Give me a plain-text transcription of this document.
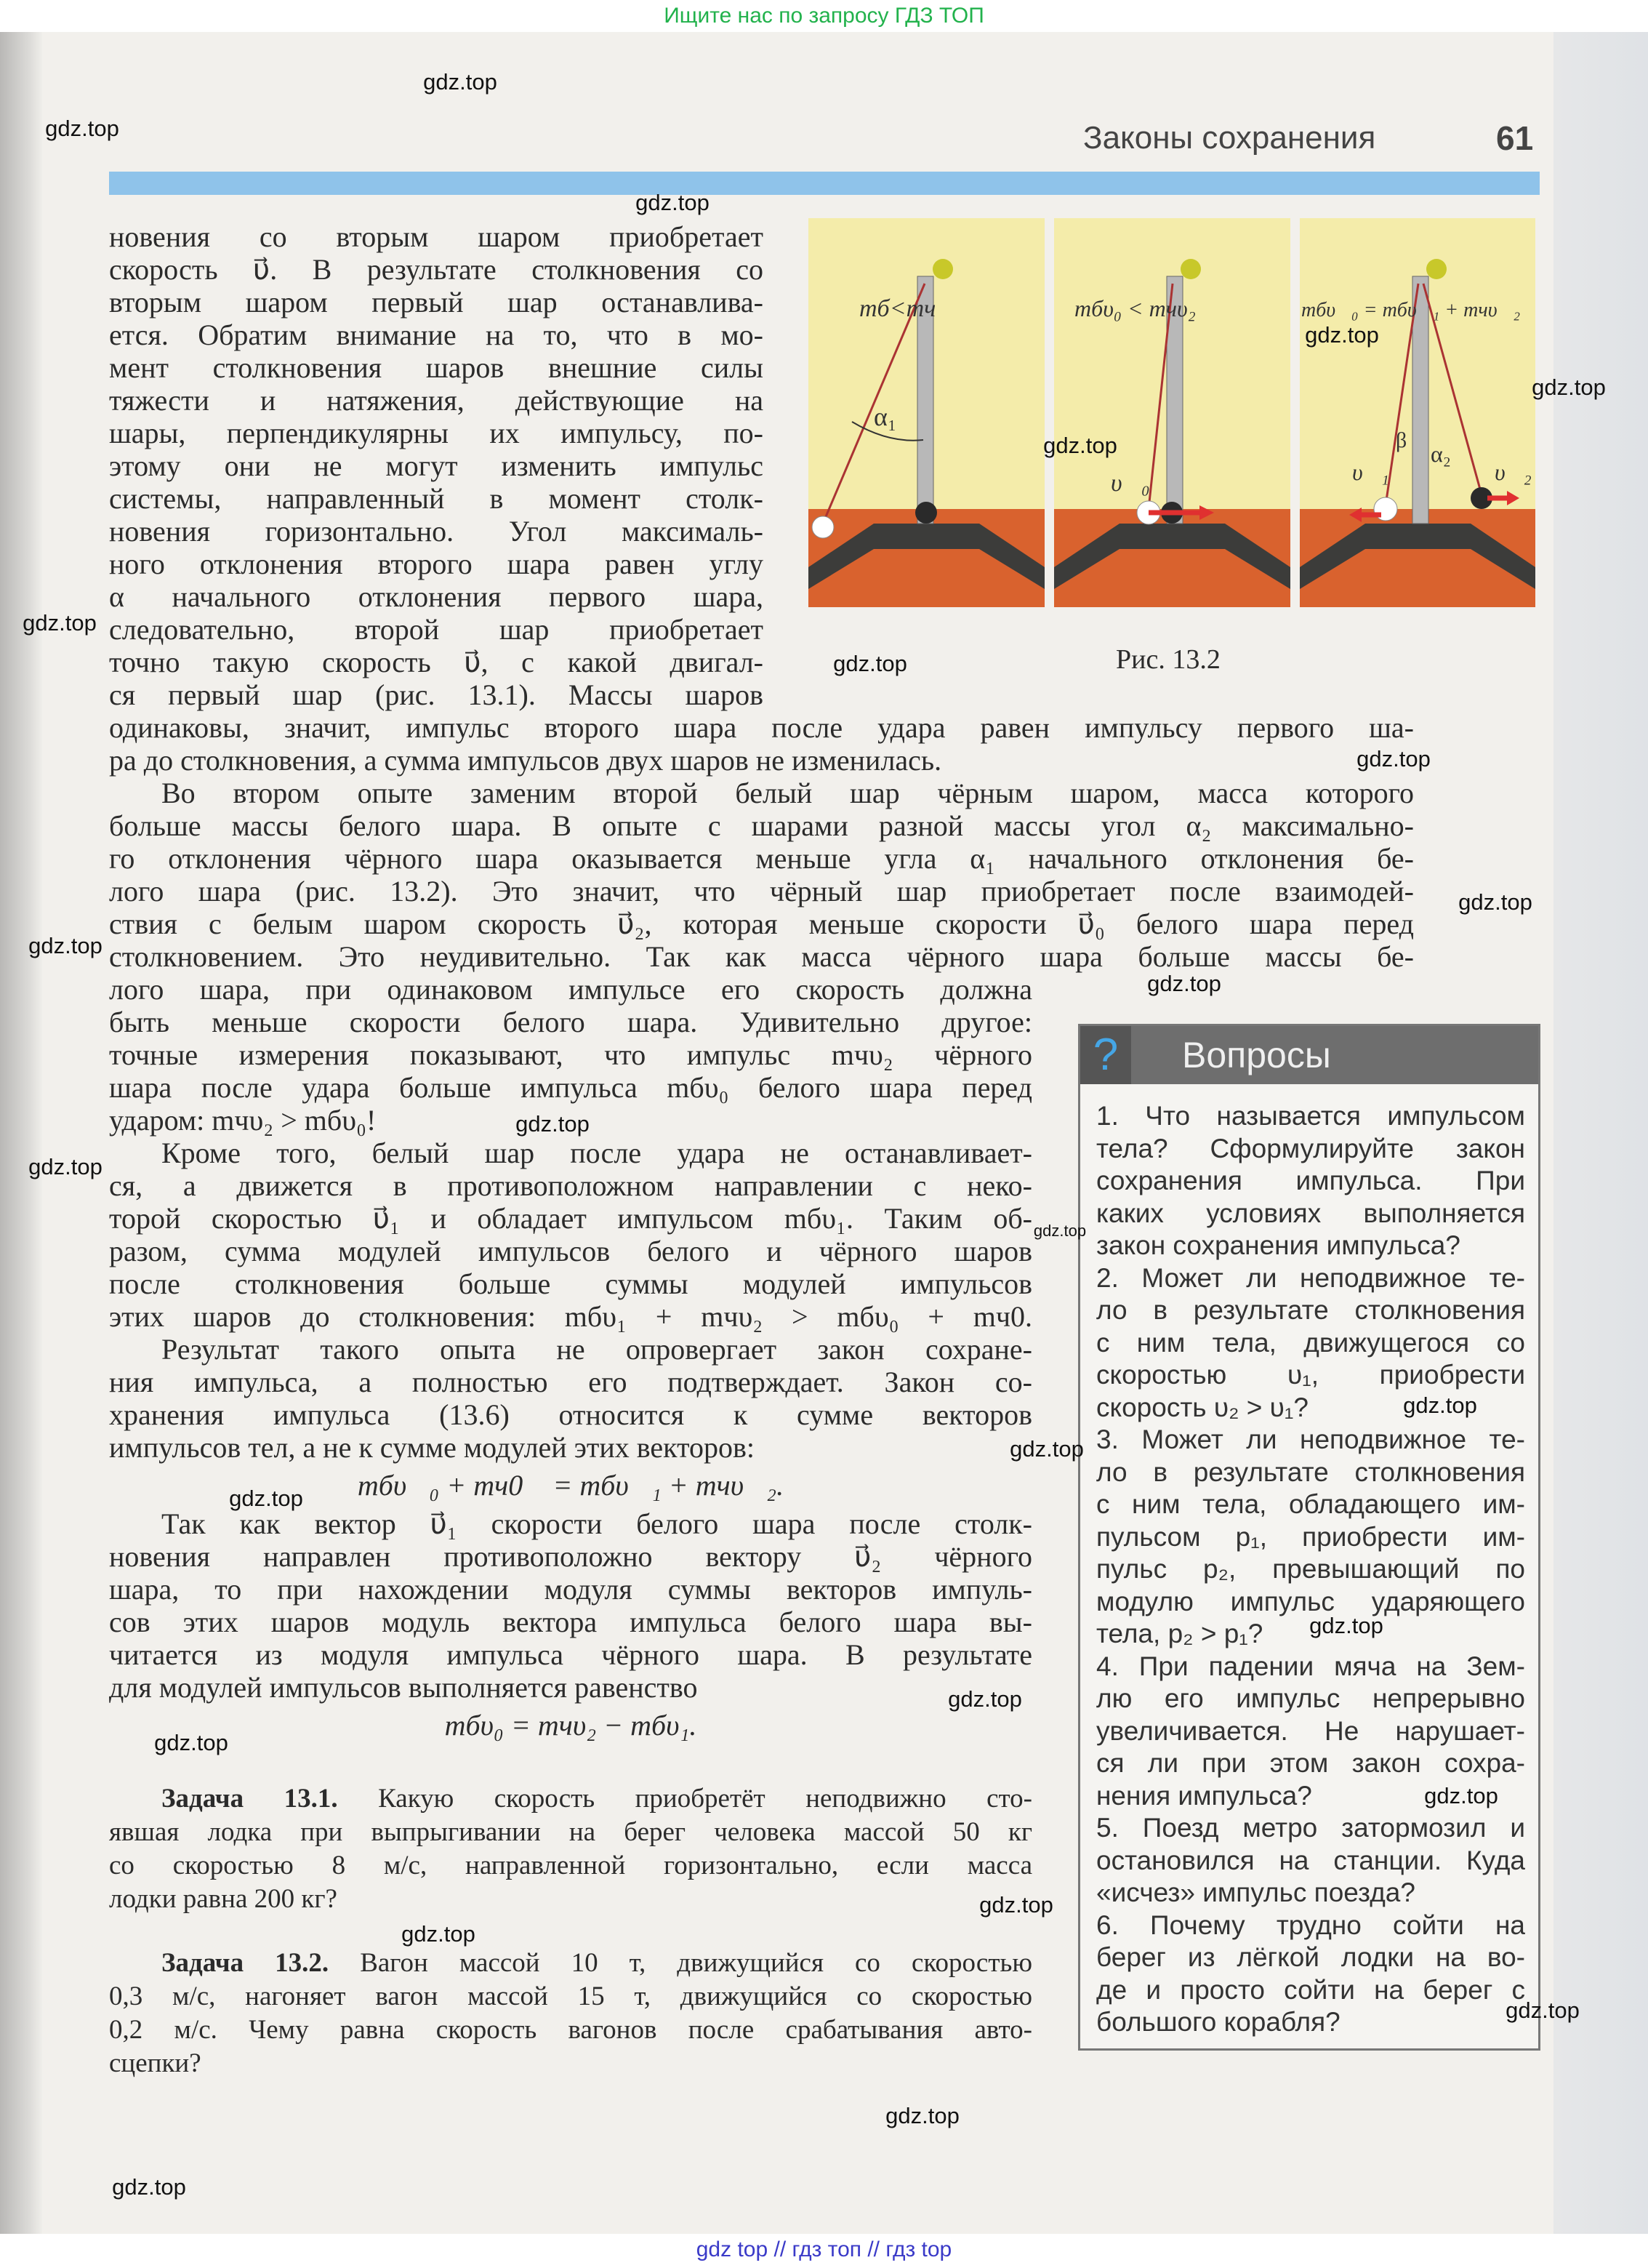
Ищите нас по запросу ГДЗ ТОП
Законы сохранения	61
новения со вторым шаром приобретает
скорость υ⃗. В результате столкновения со
вторым шаром первый шар останавлива-
ется. Обратим внимание на то, что в мо-
мент столкновения шаров внешние силы
тяжести и натяжения, действующие на
шары, перпендикулярны их импульсу, по-
этому они не могут изменить импульс
системы, направленный в момент столк-
новения горизонтально. Угол максималь-
ного отклонения второго шара равен углу
α начального отклонения первого шара,
следовательно, второй шар приобретает
точно такую скорость υ⃗, с какой двигал-
ся первый шар (рис. 13.1). Массы шаров
одинаковы, значит, импульс второго шара после удара равен импульсу первого ша-
ра до столкновения, а сумма импульсов двух шаров не изменилась.
Во втором опыте заменим второй белый шар чёрным шаром, масса которого
больше массы белого шара. В опыте с шарами разной массы угол α₂ максимально-
го отклонения чёрного шара оказывается меньше угла α₁ начального отклонения бе-
лого шара (рис. 13.2). Это значит, что чёрный шар приобретает после взаимодей-
ствия с белым шаром скорость υ⃗₂, которая меньше скорости υ⃗₀ белого шара перед
столкновением. Это неудивительно. Так как масса чёрного шара больше массы бе-
лого шара, при одинаковом импульсе его скорость должна
быть меньше скорости белого шара. Удивительно другое:
точные измерения показывают, что импульс mчυ₂ чёрного
шара после удара больше импульса mбυ₀ белого шара перед
ударом: mчυ₂ > mбυ₀!
Кроме того, белый шар после удара не останавливает-
ся, а движется в противоположном направлении с неко-
торой скоростью υ⃗₁ и обладает импульсом mбυ₁. Таким об-
разом, сумма модулей импульсов белого и чёрного шаров
после столкновения больше суммы модулей импульсов
этих шаров до столкновения: mбυ₁ + mчυ₂ > mбυ₀ + mч0.
Результат такого опыта не опровергает закон сохране-
ния импульса, а полностью его подтверждает. Закон со-
хранения импульса (13.6) относится к сумме векторов
импульсов тел, а не к сумме модулей этих векторов:
mбυ⃗₀ + mч0⃗ = mбυ⃗₁ + mчυ⃗₂.
Так как вектор υ⃗₁ скорости белого шара после столк-
новения направлен противоположно вектору υ⃗₂ чёрного
шара, то при нахождении модуля суммы векторов импуль-
сов этих шаров модуль вектора импульса белого шара вы-
читается из модуля импульса чёрного шара. В результате
для модулей импульсов выполняется равенство
mбυ₀ = mчυ₂ − mбυ₁.
Задача 13.1. Какую скорость приобретёт неподвижно сто-
явшая лодка при выпрыгивании на берег человека массой 50 кг
со скоростью 8 м/с, направленной горизонтально, если масса
лодки равна 200 кг?
Задача 13.2. Вагон массой 10 т, движущийся со скоростью
0,3 м/с, нагоняет вагон массой 15 т, движущийся со скоростью
0,2 м/с. Чему равна скорость вагонов после срабатывания авто-
сцепки?
mб<mч
α₁
mбυ₀ < mчυ₂
υ⃗₀
mбυ⃗₀ = mбυ⃗₁ + mчυ⃗₂
β
α₂
υ⃗₁	υ⃗₂
Рис. 13.2
?	Вопросы
1. Что называется импульсом
тела? Сформулируйте закон
сохранения импульса. При
каких условиях выполняется
закон сохранения импульса?
2. Может ли неподвижное те-
ло в результате столкновения
с ним тела, движущегося со
скоростью υ₁, приобрести
скорость υ₂ > υ₁?
3. Может ли неподвижное те-
ло в результате столкновения
с ним тела, обладающего им-
пульсом p₁, приобрести им-
пульс p₂, превышающий по
модулю импульс ударяющего
тела, p₂ > p₁?
4. При падении мяча на Зем-
лю его импульс непрерывно
увеличивается. Не нарушает-
ся ли при этом закон сохра-
нения импульса?
5. Поезд метро затормозил и
остановился на станции. Куда
«исчез» импульс поезда?
6. Почему трудно сойти на
берег из лёгкой лодки на во-
де и просто сойти на берег с
большого корабля?
gdz.top
gdz.top
gdz.top
gdz.top
gdz.top
gdz.top
gdz.top
gdz.top
gdz.top
gdz.top
gdz.top
gdz.top
gdz.top
gdz.top
gdz.top
gdz.top
gdz.top
gdz.top
gdz.top
gdz.top
gdz.top
gdz.top
gdz.top
gdz.top
gdz.top
gdz.top
gdz.top
gdz top // гдз топ // гдз top
